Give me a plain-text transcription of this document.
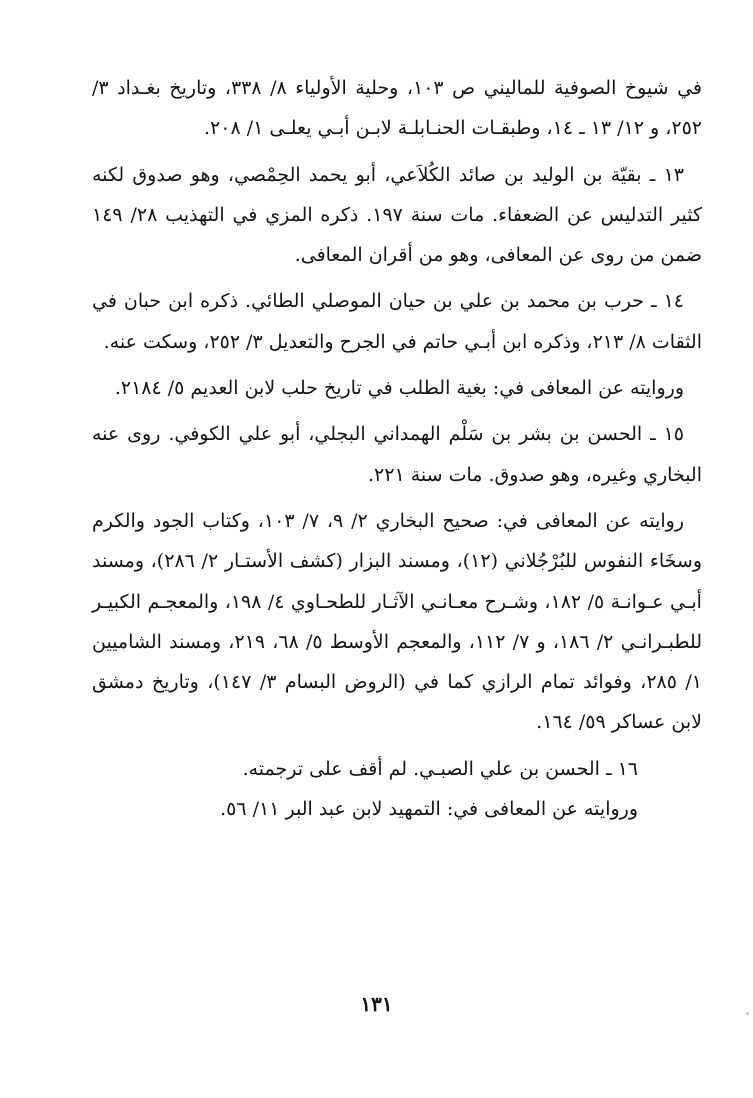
في شيوخ الصوفية للماليني ص ١٠٣، وحلية الأولياء ٨/ ٣٣٨، وتاريخ بغـداد ٣/ ٢٥٢، و ١٢/ ١٣ ـ ١٤، وطبقـات الحنـابلـة لابـن أبـي يعلـى ١/ ٢٠٨.

١٣ ـ بقيّة بن الوليد بن صائد الكُلاَعي، أبو يحمد الحِمْصي، وهو صدوق لكنه كثير التدليس عن الضعفاء. مات سنة ١٩٧. ذكره المزي في التهذيب ٢٨/ ١٤٩ ضمن من روى عن المعافى، وهو من أقران المعافى.

١٤ ـ حرب بن محمد بن علي بن حيان الموصلي الطائي. ذكره ابن حبان في الثقات ٨/ ٢١٣، وذكره ابن أبـي حاتم في الجرح والتعديل ٣/ ٢٥٢، وسكت عنه.

وروايته عن المعافى في: بغية الطلب في تاريخ حلب لابن العديم ٥/ ٢١٨٤.

١٥ ـ الحسن بن بشر بن سَلْم الهمداني البجلي، أبو علي الكوفي. روى عنه البخاري وغيره، وهو صدوق. مات سنة ٢٢١.

روايته عن المعافى في: صحيح البخاري ٢/ ٩، ٧/ ١٠٣، وكتاب الجود والكرم وسخَاء النفوس للبُرْجُلاني (١٢)، ومسند البزار (كشف الأستـار ٢/ ٢٨٦)، ومسند أبـي عـوانـة ٥/ ١٨٢، وشـرح معـانـي الآثـار للطحـاوي ٤/ ١٩٨، والمعجـم الكبيـر للطبـرانـي ٢/ ١٨٦، و ٧/ ١١٢، والمعجم الأوسط ٥/ ٦٨، ٢١٩، ومسند الشاميين ١/ ٢٨٥، وفوائد تمام الرازي كما في (الروض البسام ٣/ ١٤٧)، وتاريخ دمشق لابن عساكر ٥٩/ ١٦٤.

١٦ ـ الحسن بن علي الصبـي. لم أقف على ترجمته.

وروايته عن المعافى في: التمهيد لابن عبد البر ١١/ ٥٦.

١٣١
